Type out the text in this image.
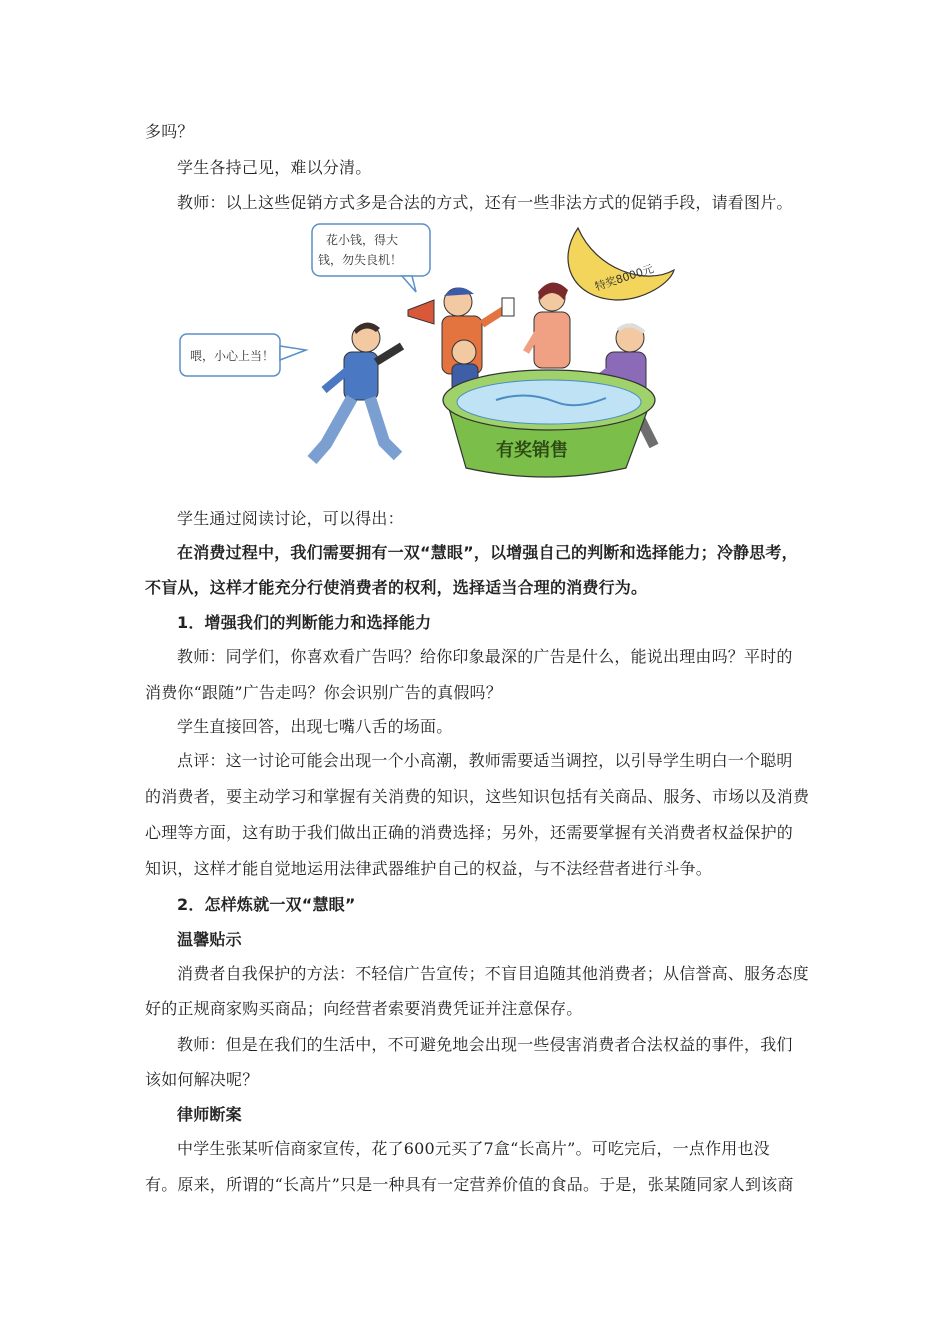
多吗？
学生各持己见，难以分清。
教师：以上这些促销方式多是合法的方式，还有一些非法方式的促销手段，请看图片。
花小钱，得大
钱，勿失良机！
喂，小心上当！
特奖8000元
有奖销售
学生通过阅读讨论，可以得出：
在消费过程中，我们需要拥有一双“慧眼”，以增强自己的判断和选择能力；冷静思考，
不盲从，这样才能充分行使消费者的权利，选择适当合理的消费行为。
1．增强我们的判断能力和选择能力
教师：同学们，你喜欢看广告吗？给你印象最深的广告是什么，能说出理由吗？平时的
消费你“跟随”广告走吗？你会识别广告的真假吗？
学生直接回答，出现七嘴八舌的场面。
点评：这一讨论可能会出现一个小高潮，教师需要适当调控，以引导学生明白一个聪明
的消费者，要主动学习和掌握有关消费的知识，这些知识包括有关商品、服务、市场以及消费
心理等方面，这有助于我们做出正确的消费选择；另外，还需要掌握有关消费者权益保护的
知识，这样才能自觉地运用法律武器维护自己的权益，与不法经营者进行斗争。
2．怎样炼就一双“慧眼”
温馨贴示
消费者自我保护的方法：不轻信广告宣传；不盲目追随其他消费者；从信誉高、服务态度
好的正规商家购买商品；向经营者索要消费凭证并注意保存。
教师：但是在我们的生活中，不可避免地会出现一些侵害消费者合法权益的事件，我们
该如何解决呢？
律师断案
中学生张某听信商家宣传，花了600元买了7盒“长高片”。可吃完后，一点作用也没
有。原来，所谓的“长高片”只是一种具有一定营养价值的食品。于是，张某随同家人到该商
